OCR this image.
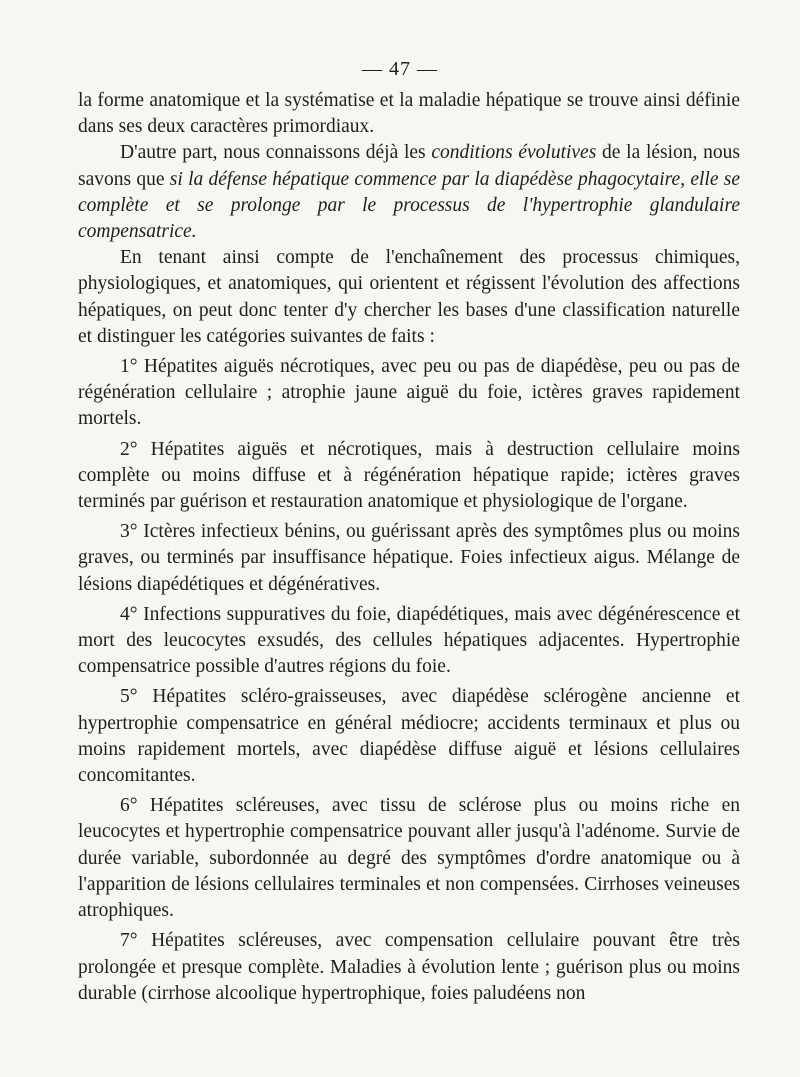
— 47 —

la forme anatomique et la systématise et la maladie hépatique se trouve ainsi définie dans ses deux caractères primordiaux.

D'autre part, nous connaissons déjà les conditions évolutives de la lésion, nous savons que si la défense hépatique commence par la diapédèse phagocytaire, elle se complète et se prolonge par le processus de l'hypertrophie glandulaire compensatrice.

En tenant ainsi compte de l'enchaînement des processus chimiques, physiologiques, et anatomiques, qui orientent et régissent l'évolution des affections hépatiques, on peut donc tenter d'y chercher les bases d'une classification naturelle et distinguer les catégories suivantes de faits :

1° Hépatites aiguës nécrotiques, avec peu ou pas de diapédèse, peu ou pas de régénération cellulaire ; atrophie jaune aiguë du foie, ictères graves rapidement mortels.

2° Hépatites aiguës et nécrotiques, mais à destruction cellulaire moins complète ou moins diffuse et à régénération hépatique rapide; ictères graves terminés par guérison et restauration anatomique et physiologique de l'organe.

3° Ictères infectieux bénins, ou guérissant après des symptômes plus ou moins graves, ou terminés par insuffisance hépatique. Foies infectieux aigus. Mélange de lésions diapédétiques et dégénératives.

4° Infections suppuratives du foie, diapédétiques, mais avec dégénérescence et mort des leucocytes exsudés, des cellules hépatiques adjacentes. Hypertrophie compensatrice possible d'autres régions du foie.

5° Hépatites scléro-graisseuses, avec diapédèse sclérogène ancienne et hypertrophie compensatrice en général médiocre; accidents terminaux et plus ou moins rapidement mortels, avec diapédèse diffuse aiguë et lésions cellulaires concomitantes.

6° Hépatites scléreuses, avec tissu de sclérose plus ou moins riche en leucocytes et hypertrophie compensatrice pouvant aller jusqu'à l'adénome. Survie de durée variable, subordonnée au degré des symptômes d'ordre anatomique ou à l'apparition de lésions cellulaires terminales et non compensées. Cirrhoses veineuses atrophiques.

7° Hépatites scléreuses, avec compensation cellulaire pouvant être très prolongée et presque complète. Maladies à évolution lente ; guérison plus ou moins durable (cirrhose alcoolique hypertrophique, foies paludéens non
